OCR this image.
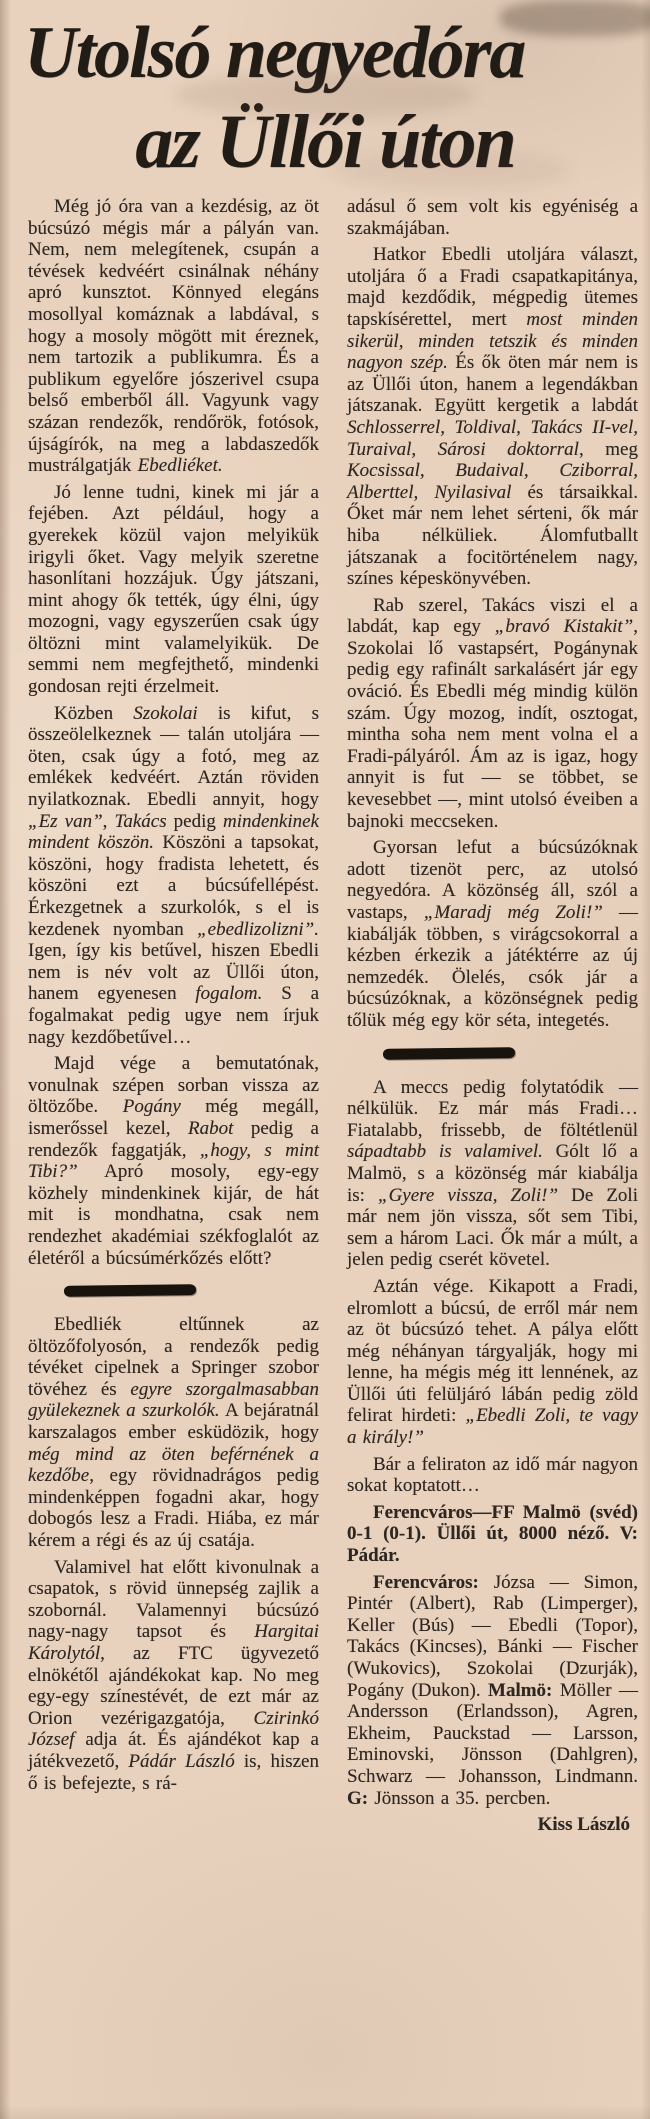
Utolsó negyedóra
az Üllői úton

Még jó óra van a kezdésig, az öt búcsúzó mégis már a pályán van. Nem, nem melegítenek, csupán a tévések kedvéért csinálnak néhány apró kunsztot. Könnyed elegáns mosollyal komáznak a labdával, s hogy a mosoly mögött mit éreznek, nem tartozik a publikumra. És a publikum egyelőre jószerivel csupa belső emberből áll. Vagyunk vagy százan rendezők, rendőrök, fotósok, újságírók, na meg a labdaszedők mustrálgatják Ebedliéket.

Jó lenne tudni, kinek mi jár a fejében. Azt például, hogy a gyerekek közül vajon melyikük irigyli őket. Vagy melyik szeretne hasonlítani hozzájuk. Úgy játszani, mint ahogy ők tették, úgy élni, úgy mozogni, vagy egyszerűen csak úgy öltözni mint valamelyikük. De semmi nem megfejthető, mindenki gondosan rejti érzelmeit.

Közben Szokolai is kifut, s összeölelkeznek — talán utoljára — öten, csak úgy a fotó, meg az emlékek kedvéért. Aztán röviden nyilatkoznak. Ebedli annyit, hogy „Ez van”, Takács pedig mindenkinek mindent köszön. Köszöni a tapsokat, köszöni, hogy fradista lehetett, és köszöni ezt a búcsúfellépést. Érkezgetnek a szurkolók, s el is kezdenek nyomban „ebedlizolizni”. Igen, így kis betűvel, hiszen Ebedli nem is név volt az Üllői úton, hanem egyenesen fogalom. S a fogalmakat pedig ugye nem írjuk nagy kezdőbetűvel…

Majd vége a bemutatónak, vonulnak szépen sorban vissza az öltözőbe. Pogány még megáll, ismerőssel kezel, Rabot pedig a rendezők faggatják, „hogy, s mint Tibi?” Apró mosoly, egy-egy közhely mindenkinek kijár, de hát mit is mondhatna, csak nem rendezhet akadémiai székfoglalót az életéről a búcsúmérkőzés előtt?

Ebedliék eltűnnek az öltözőfolyosón, a rendezők pedig tévéket cipelnek a Springer szobor tövéhez és egyre szorgalmasabban gyülekeznek a szurkolók. A bejáratnál karszalagos ember esküdözik, hogy még mind az öten beférnének a kezdőbe, egy rövidnadrágos pedig mindenképpen fogadni akar, hogy dobogós lesz a Fradi. Hiába, ez már kérem a régi és az új csatája.

Valamivel hat előtt kivonulnak a csapatok, s rövid ünnepség zajlik a szobornál. Valamennyi búcsúzó nagy-nagy tapsot és Hargitai Károlytól, az FTC ügyvezető elnökétől ajándékokat kap. No meg egy-egy színestévét, de ezt már az Orion vezérigazgatója, Czirinkó József adja át. És ajándékot kap a játékvezető, Pádár László is, hiszen ő is befejezte, s rá-

adásul ő sem volt kis egyéniség a szakmájában.

Hatkor Ebedli utoljára választ, utoljára ő a Fradi csapatkapitánya, majd kezdődik, mégpedig ütemes tapskísérettel, mert most minden sikerül, minden tetszik és minden nagyon szép. És ők öten már nem is az Üllői úton, hanem a legendákban játszanak. Együtt kergetik a labdát Schlosserrel, Toldival, Takács II-vel, Turaival, Sárosi doktorral, meg Kocsissal, Budaival, Cziborral, Alberttel, Nyilasival és társaikkal. Őket már nem lehet sérteni, ők már hiba nélküliek. Álomfutballt játszanak a focitörténelem nagy, színes képeskönyvében.

Rab szerel, Takács viszi el a labdát, kap egy „bravó Kistakit”, Szokolai lő vastapsért, Pogánynak pedig egy rafinált sarkalásért jár egy ováció. És Ebedli még mindig külön szám. Úgy mozog, indít, osztogat, mintha soha nem ment volna el a Fradi-pályáról. Ám az is igaz, hogy annyit is fut — se többet, se kevesebbet —, mint utolsó éveiben a bajnoki meccseken.

Gyorsan lefut a búcsúzóknak adott tizenöt perc, az utolsó negyedóra. A közönség áll, szól a vastaps, „Maradj még Zoli!” — kiabálják többen, s virágcsokorral a kézben érkezik a játéktérre az új nemzedék. Ölelés, csók jár a búcsúzóknak, a közönségnek pedig tőlük még egy kör séta, integetés.

A meccs pedig folytatódik — nélkülük. Ez már más Fradi… Fiatalabb, frissebb, de föltétlenül sápadtabb is valamivel. Gólt lő a Malmö, s a közönség már kiabálja is: „Gyere vissza, Zoli!” De Zoli már nem jön vissza, sőt sem Tibi, sem a három Laci. Ők már a múlt, a jelen pedig cserét követel.

Aztán vége. Kikapott a Fradi, elromlott a búcsú, de erről már nem az öt búcsúzó tehet. A pálya előtt még néhányan tárgyalják, hogy mi lenne, ha mégis még itt lennének, az Üllői úti felüljáró lábán pedig zöld felirat hirdeti: „Ebedli Zoli, te vagy a király!”

Bár a feliraton az idő már nagyon sokat koptatott…

Ferencváros—FF Malmö (svéd) 0-1 (0-1). Üllői út, 8000 néző. V: Pádár.

Ferencváros: Józsa — Simon, Pintér (Albert), Rab (Limperger), Keller (Bús) — Ebedli (Topor), Takács (Kincses), Bánki — Fischer (Wukovics), Szokolai (Dzurják), Pogány (Dukon). Malmö: Möller — Andersson (Erlandsson), Agren, Ekheim, Pauckstad — Larsson, Eminovski, Jönsson (Dahlgren), Schwarz — Johansson, Lindmann. G: Jönsson a 35. percben.

Kiss László
